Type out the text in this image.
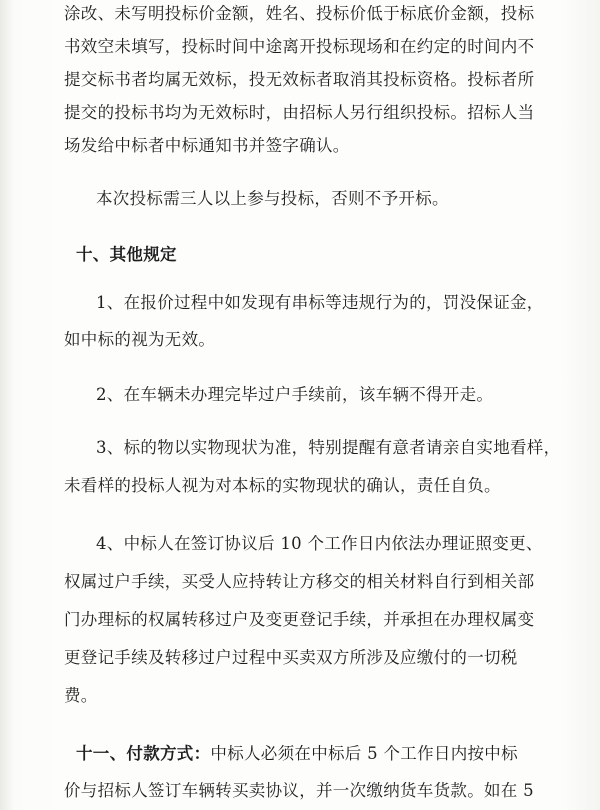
涂改、未写明投标价金额，姓名、投标价低于标底价金额，投标
书效空未填写，投标时间中途离开投标现场和在约定的时间内不
提交标书者均属无效标，投无效标者取消其投标资格。投标者所
提交的投标书均为无效标时，由招标人另行组织投标。招标人当
场发给中标者中标通知书并签字确认。
本次投标需三人以上参与投标，否则不予开标。
十、其他规定
1、在报价过程中如发现有串标等违规行为的，罚没保证金，
如中标的视为无效。
2、在车辆未办理完毕过户手续前，该车辆不得开走。
3、标的物以实物现状为准，特别提醒有意者请亲自实地看样，
未看样的投标人视为对本标的实物现状的确认，责任自负。
4、中标人在签订协议后 10 个工作日内依法办理证照变更、
权属过户手续，买受人应持转让方移交的相关材料自行到相关部
门办理标的权属转移过户及变更登记手续，并承担在办理权属变
更登记手续及转移过户过程中买卖双方所涉及应缴付的一切税
费。
十一、付款方式：中标人必须在中标后 5 个工作日内按中标
价与招标人签订车辆转买卖协议，并一次缴纳货车货款。如在 5
